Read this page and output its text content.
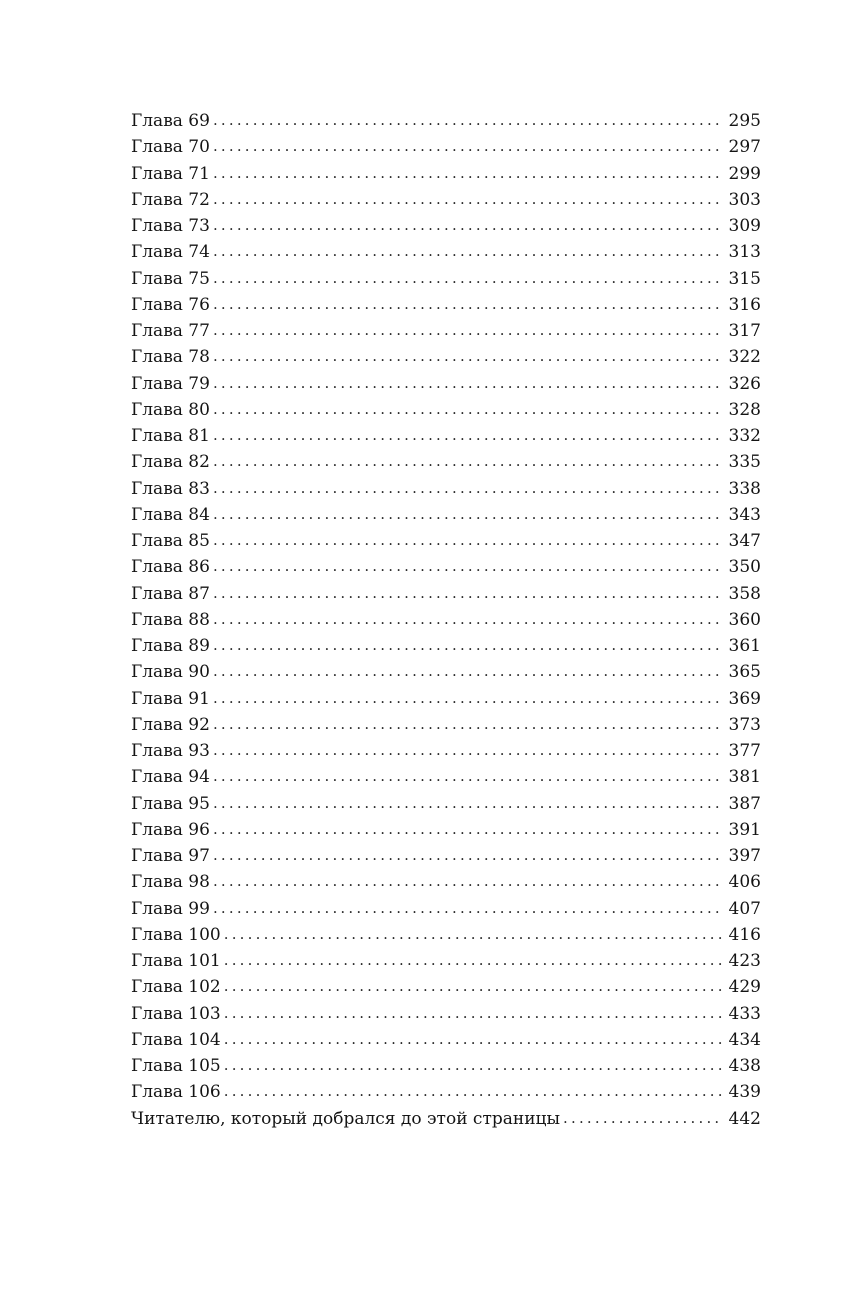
Глава 69 .....	295
Глава 70 .....	297
Глава 71 .....	299
Глава 72 .....	303
Глава 73 .....	309
Глава 74 .....	313
Глава 75 .....	315
Глава 76 .....	316
Глава 77 .....	317
Глава 78 .....	322
Глава 79 .....	326
Глава 80 .....	328
Глава 81 .....	332
Глава 82 .....	335
Глава 83 .....	338
Глава 84 .....	343
Глава 85 .....	347
Глава 86 .....	350
Глава 87 .....	358
Глава 88 .....	360
Глава 89 .....	361
Глава 90 .....	365
Глава 91 .....	369
Глава 92 .....	373
Глава 93 .....	377
Глава 94 .....	381
Глава 95 .....	387
Глава 96 .....	391
Глава 97 .....	397
Глава 98 .....	406
Глава 99 .....	407
Глава 100 .....	416
Глава 101 .....	423
Глава 102 .....	429
Глава 103 .....	433
Глава 104 .....	434
Глава 105 .....	438
Глава 106 .....	439
Читателю, который добрался до этой страницы .....	442
